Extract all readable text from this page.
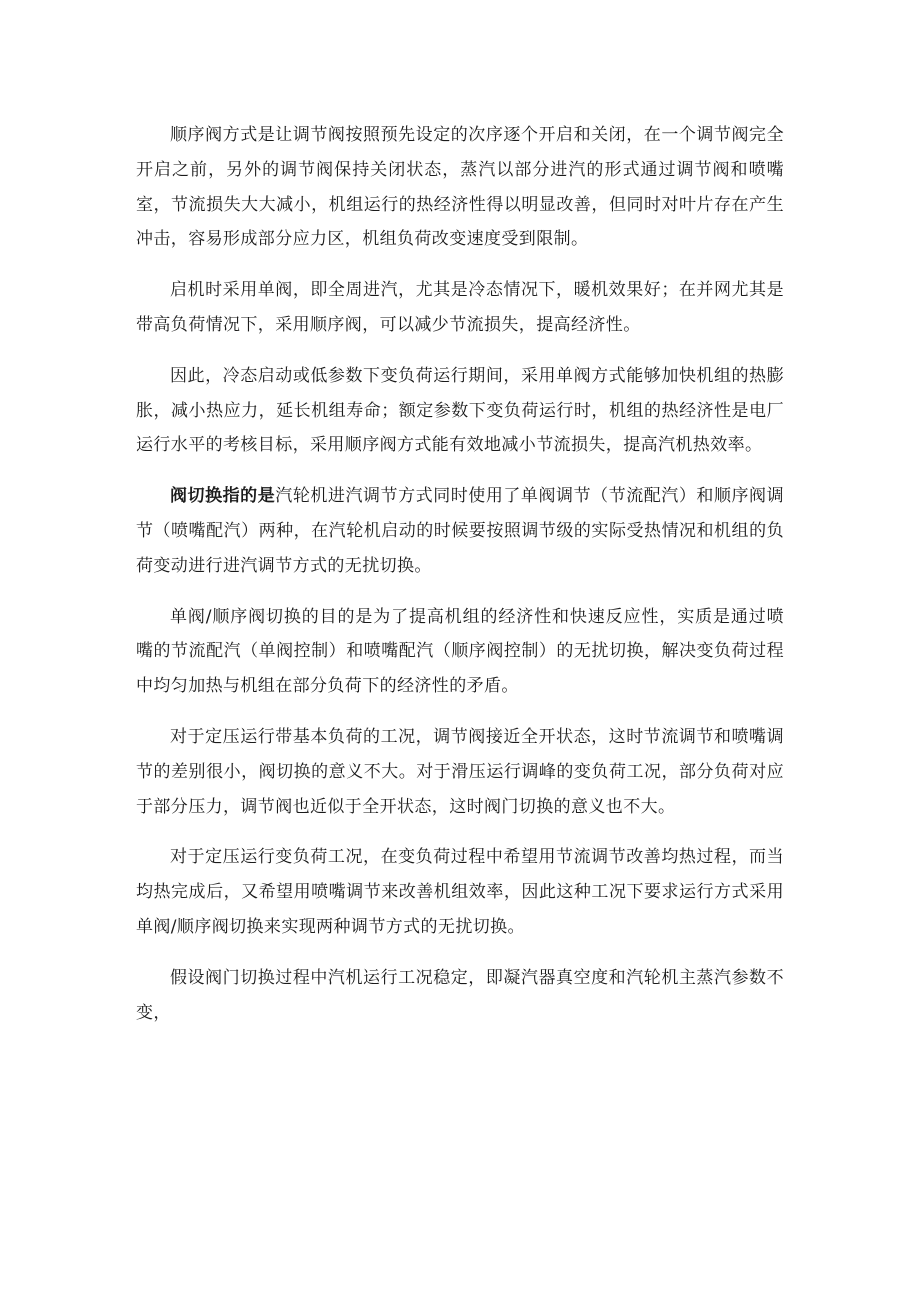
顺序阀方式是让调节阀按照预先设定的次序逐个开启和关闭，在一个调节阀完全开启之前，另外的调节阀保持关闭状态，蒸汽以部分进汽的形式通过调节阀和喷嘴室，节流损失大大减小，机组运行的热经济性得以明显改善，但同时对叶片存在产生冲击，容易形成部分应力区，机组负荷改变速度受到限制。

启机时采用单阀，即全周进汽，尤其是冷态情况下，暖机效果好；在并网尤其是带高负荷情况下，采用顺序阀，可以减少节流损失，提高经济性。

因此，冷态启动或低参数下变负荷运行期间，采用单阀方式能够加快机组的热膨胀，减小热应力，延长机组寿命；额定参数下变负荷运行时，机组的热经济性是电厂运行水平的考核目标，采用顺序阀方式能有效地减小节流损失，提高汽机热效率。

阀切换指的是汽轮机进汽调节方式同时使用了单阀调节（节流配汽）和顺序阀调节（喷嘴配汽）两种，在汽轮机启动的时候要按照调节级的实际受热情况和机组的负荷变动进行进汽调节方式的无扰切换。

单阀/顺序阀切换的目的是为了提高机组的经济性和快速反应性，实质是通过喷嘴的节流配汽（单阀控制）和喷嘴配汽（顺序阀控制）的无扰切换，解决变负荷过程中均匀加热与机组在部分负荷下的经济性的矛盾。

对于定压运行带基本负荷的工况，调节阀接近全开状态，这时节流调节和喷嘴调节的差别很小，阀切换的意义不大。对于滑压运行调峰的变负荷工况，部分负荷对应于部分压力，调节阀也近似于全开状态，这时阀门切换的意义也不大。

对于定压运行变负荷工况，在变负荷过程中希望用节流调节改善均热过程，而当均热完成后，又希望用喷嘴调节来改善机组效率，因此这种工况下要求运行方式采用单阀/顺序阀切换来实现两种调节方式的无扰切换。

假设阀门切换过程中汽机运行工况稳定，即凝汽器真空度和汽轮机主蒸汽参数不变，
